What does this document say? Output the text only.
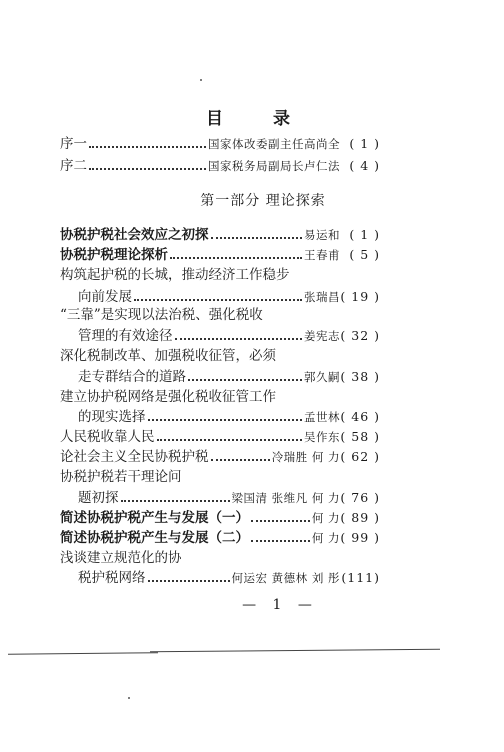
目 录
序一	国家体改委副主任高尚全 ( 1 )
序二	国家税务局副局长卢仁法 ( 4 )
第一部分 理论探索
协税护税社会效应之初探	易运和 ( 1 )
协税护税理论探析	王春甫 ( 5 )
构筑起护税的长城，推动经济工作稳步
向前发展	张瑞昌 ( 19 )
“三靠”是实现以法治税、强化税收
管理的有效途径	姜宪志 ( 32 )
深化税制改革、加强税收征管，必须
走专群结合的道路	郭久嗣 ( 38 )
建立协护税网络是强化税收征管工作
的现实选择	孟世林 ( 46 )
人民税收靠人民	吴作东 ( 58 )
论社会主义全民协税护税	冷瑞胜 何 力 ( 62 )
协税护税若干理论问
题初探	梁国清 张维凡 何 力 ( 76 )
简述协税护税产生与发展（一）	何 力 ( 89 )
简述协税护税产生与发展（二）	何 力 ( 99 )
浅谈建立规范化的协
税护税网络	何运宏 黄德林 刘 彤 (111)
— 1 —
